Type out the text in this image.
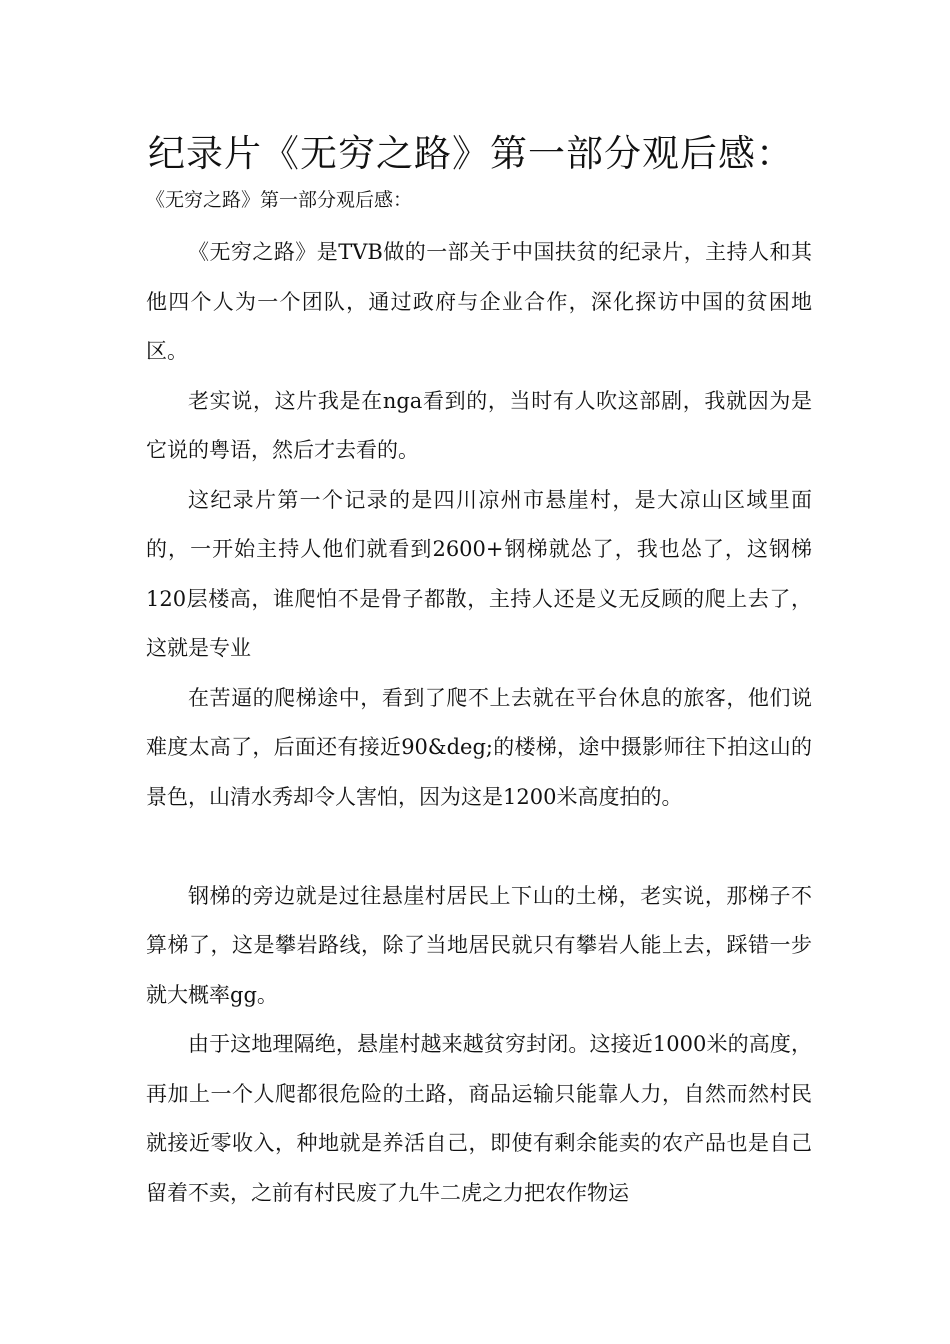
纪录片《无穷之路》第一部分观后感：

《无穷之路》第一部分观后感：

《无穷之路》是TVB做的一部关于中国扶贫的纪录片，主持人和其他四个人为一个团队，通过政府与企业合作，深化探访中国的贫困地区。

老实说，这片我是在nga看到的，当时有人吹这部剧，我就因为是它说的粤语，然后才去看的。

这纪录片第一个记录的是四川凉州市悬崖村，是大凉山区域里面的，一开始主持人他们就看到2600+钢梯就怂了，我也怂了，这钢梯120层楼高，谁爬怕不是骨子都散，主持人还是义无反顾的爬上去了，这就是专业

在苦逼的爬梯途中，看到了爬不上去就在平台休息的旅客，他们说难度太高了，后面还有接近90&deg;的楼梯，途中摄影师往下拍这山的景色，山清水秀却令人害怕，因为这是1200米高度拍的。

钢梯的旁边就是过往悬崖村居民上下山的土梯，老实说，那梯子不算梯了，这是攀岩路线，除了当地居民就只有攀岩人能上去，踩错一步就大概率gg。

由于这地理隔绝，悬崖村越来越贫穷封闭。这接近1000米的高度，再加上一个人爬都很危险的土路，商品运输只能靠人力，自然而然村民就接近零收入，种地就是养活自己，即使有剩余能卖的农产品也是自己留着不卖，之前有村民废了九牛二虎之力把农作物运
